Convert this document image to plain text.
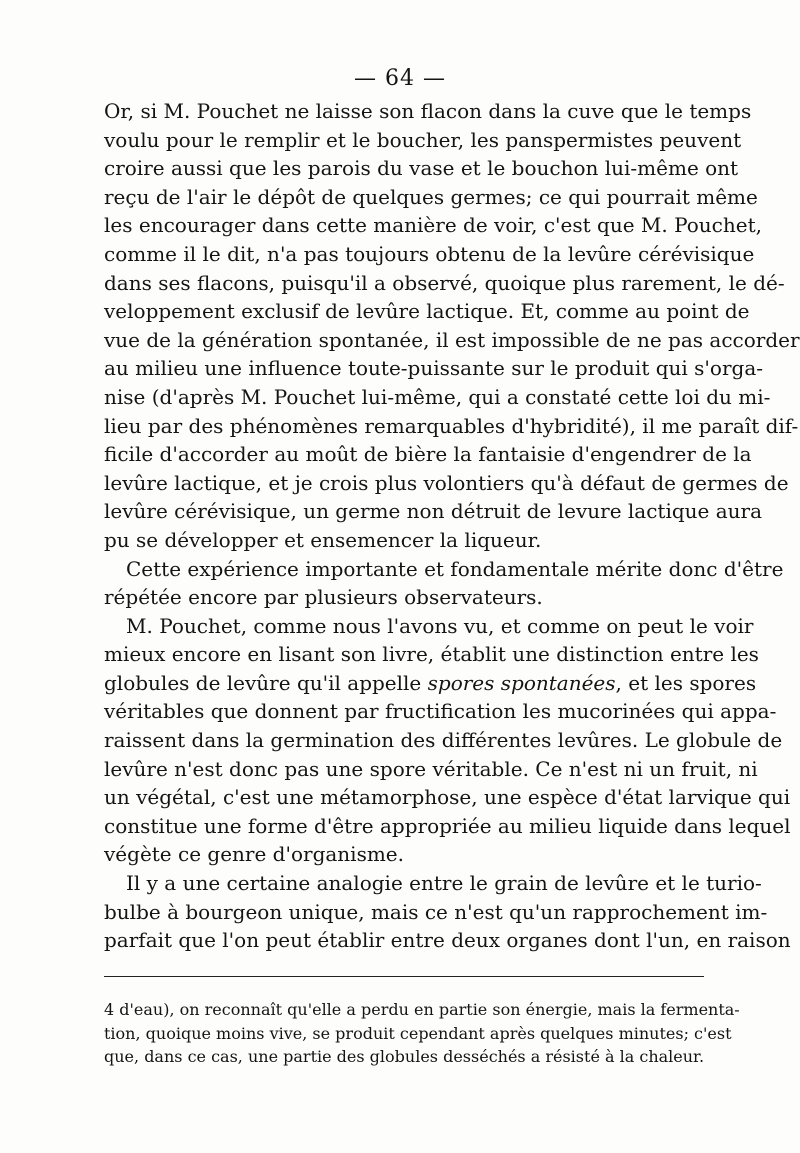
— 64 —
Or, si M. Pouchet ne laisse son flacon dans la cuve que le temps
voulu pour le remplir et le boucher, les panspermistes peuvent
croire aussi que les parois du vase et le bouchon lui-même ont
reçu de l'air le dépôt de quelques germes; ce qui pourrait même
les encourager dans cette manière de voir, c'est que M. Pouchet,
comme il le dit, n'a pas toujours obtenu de la levûre cérévisique
dans ses flacons, puisqu'il a observé, quoique plus rarement, le dé-
veloppement exclusif de levûre lactique. Et, comme au point de
vue de la génération spontanée, il est impossible de ne pas accorder
au milieu une influence toute-puissante sur le produit qui s'orga-
nise (d'après M. Pouchet lui-même, qui a constaté cette loi du mi-
lieu par des phénomènes remarquables d'hybridité), il me paraît dif-
ficile d'accorder au moût de bière la fantaisie d'engendrer de la
levûre lactique, et je crois plus volontiers qu'à défaut de germes de
levûre cérévisique, un germe non détruit de levure lactique aura
pu se développer et ensemencer la liqueur.
Cette expérience importante et fondamentale mérite donc d'être
répétée encore par plusieurs observateurs.
M. Pouchet, comme nous l'avons vu, et comme on peut le voir
mieux encore en lisant son livre, établit une distinction entre les
globules de levûre qu'il appelle spores spontanées, et les spores
véritables que donnent par fructification les mucorinées qui appa-
raissent dans la germination des différentes levûres. Le globule de
levûre n'est donc pas une spore véritable. Ce n'est ni un fruit, ni
un végétal, c'est une métamorphose, une espèce d'état larvique qui
constitue une forme d'être appropriée au milieu liquide dans lequel
végète ce genre d'organisme.
Il y a une certaine analogie entre le grain de levûre et le turio-
bulbe à bourgeon unique, mais ce n'est qu'un rapprochement im-
parfait que l'on peut établir entre deux organes dont l'un, en raison
4 d'eau), on reconnaît qu'elle a perdu en partie son énergie, mais la fermenta-
tion, quoique moins vive, se produit cependant après quelques minutes; c'est
que, dans ce cas, une partie des globules desséchés a résisté à la chaleur.
